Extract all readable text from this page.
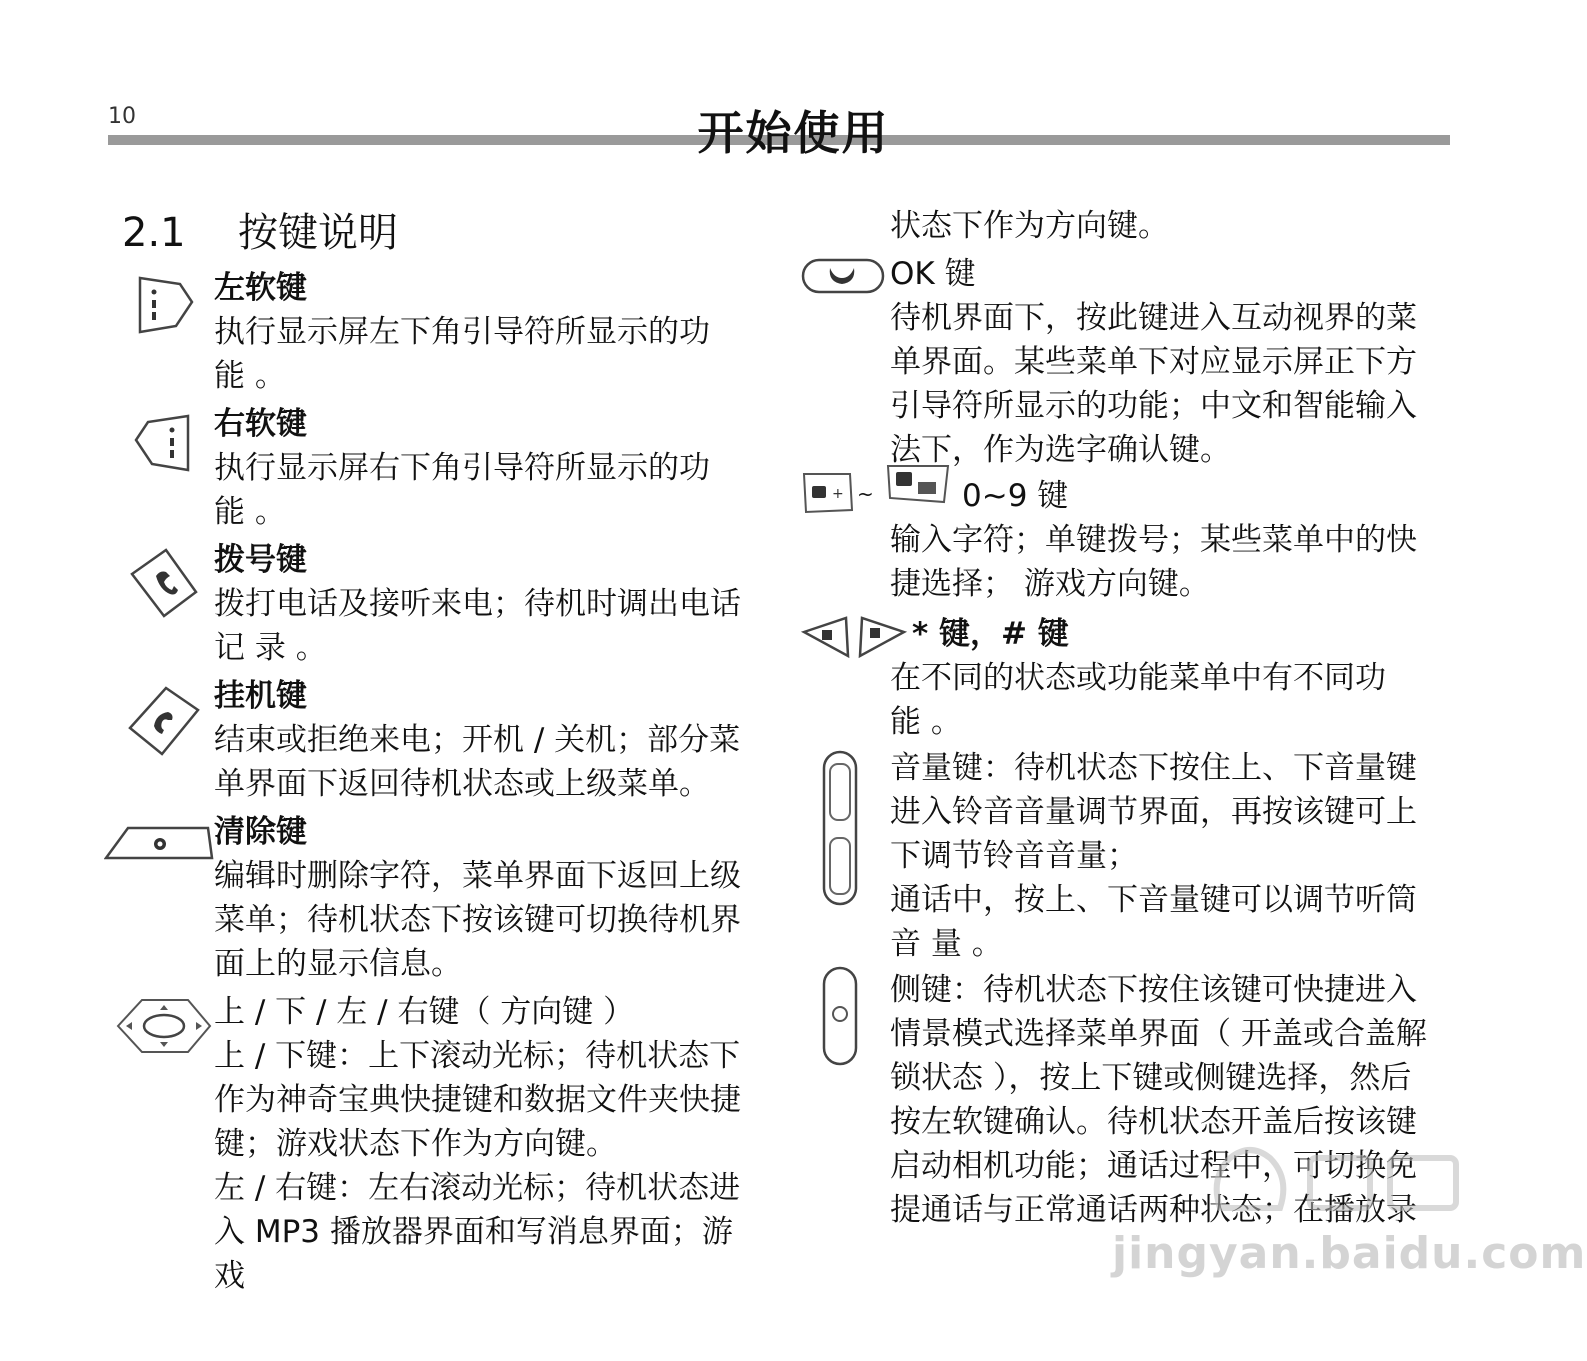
10	开始使用
2.1 按键说明
左软键
执行显示屏左下角引导符所显示的功
能 。
右软键
执行显示屏右下角引导符所显示的功
能 。
拨号键
拨打电话及接听来电；待机时调出电话
记 录 。
挂机键
结束或拒绝来电；开机 / 关机；部分菜
单界面下返回待机状态或上级菜单。
清除键
编辑时删除字符，菜单界面下返回上级
菜单；待机状态下按该键可切换待机界
面上的显示信息。
上 / 下 / 左 / 右键（ 方向键 ）
上 / 下键：上下滚动光标；待机状态下
作为神奇宝典快捷键和数据文件夹快捷
键；游戏状态下作为方向键。
左 / 右键：左右滚动光标；待机状态进
入 MP3 播放器界面和写消息界面；游戏
+ ~
状态下作为方向键。
OK 键
待机界面下，按此键进入互动视界的菜
单界面。某些菜单下对应显示屏正下方
引导符所显示的功能；中文和智能输入
法下，作为选字确认键。
0~9 键
输入字符；单键拨号；某些菜单中的快
捷选择； 游戏方向键。
* 键，# 键
在不同的状态或功能菜单中有不同功
能 。
音量键：待机状态下按住上、下音量键
进入铃音音量调节界面，再按该键可上
下调节铃音音量；
通话中，按上、下音量键可以调节听筒
音 量 。
侧键：待机状态下按住该键可快捷进入
情景模式选择菜单界面（ 开盖或合盖解
锁状态 ），按上下键或侧键选择，然后
按左软键确认。待机状态开盖后按该键
启动相机功能；通话过程中，可切换免
提通话与正常通话两种状态；在播放录
jingyan.baidu.com
